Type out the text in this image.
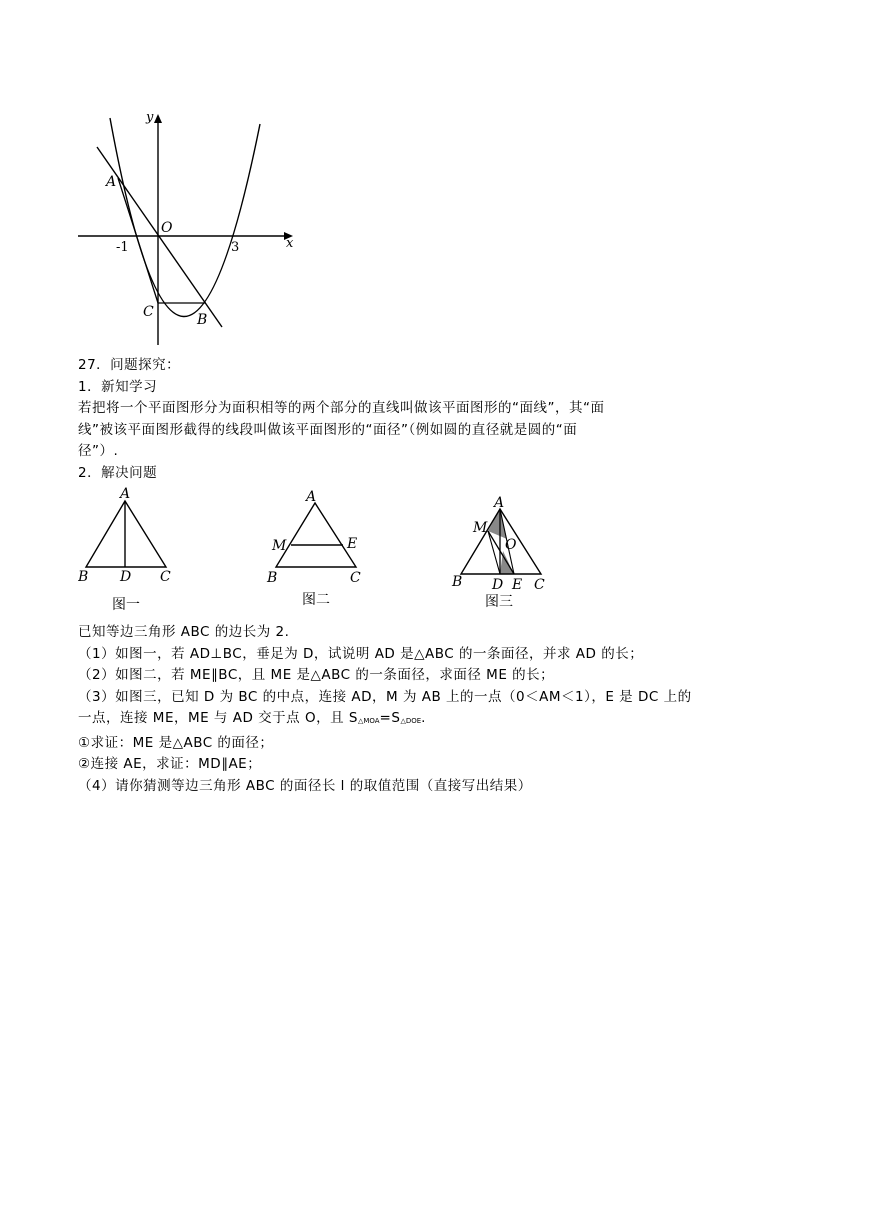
y
x
A
O
-1	3
C	B
27．问题探究：
1．新知学习
若把将一个平面图形分为面积相等的两个部分的直线叫做该平面图形的“面线”，其“面
线”被该平面图形截得的线段叫做该平面图形的“面径”（例如圆的直径就是圆的“面
径”）.
2．解决问题
A
B D C
图一
A
M	E
B	C
图二
A
M
O
B D E C
图三
已知等边三角形 ABC 的边长为 2.
（1）如图一，若 AD⊥BC，垂足为 D，试说明 AD 是△ABC 的一条面径，并求 AD 的长；
（2）如图二，若 ME∥BC，且 ME 是△ABC 的一条面径，求面径 ME 的长；
（3）如图三，已知 D 为 BC 的中点，连接 AD，M 为 AB 上的一点（0＜AM＜1），E 是 DC 上的
一点，连接 ME，ME 与 AD 交于点 O，且 S△MOA=S△DOE.
①求证：ME 是△ABC 的面径；
②连接 AE，求证：MD∥AE；
（4）请你猜测等边三角形 ABC 的面径长 l 的取值范围（直接写出结果）
